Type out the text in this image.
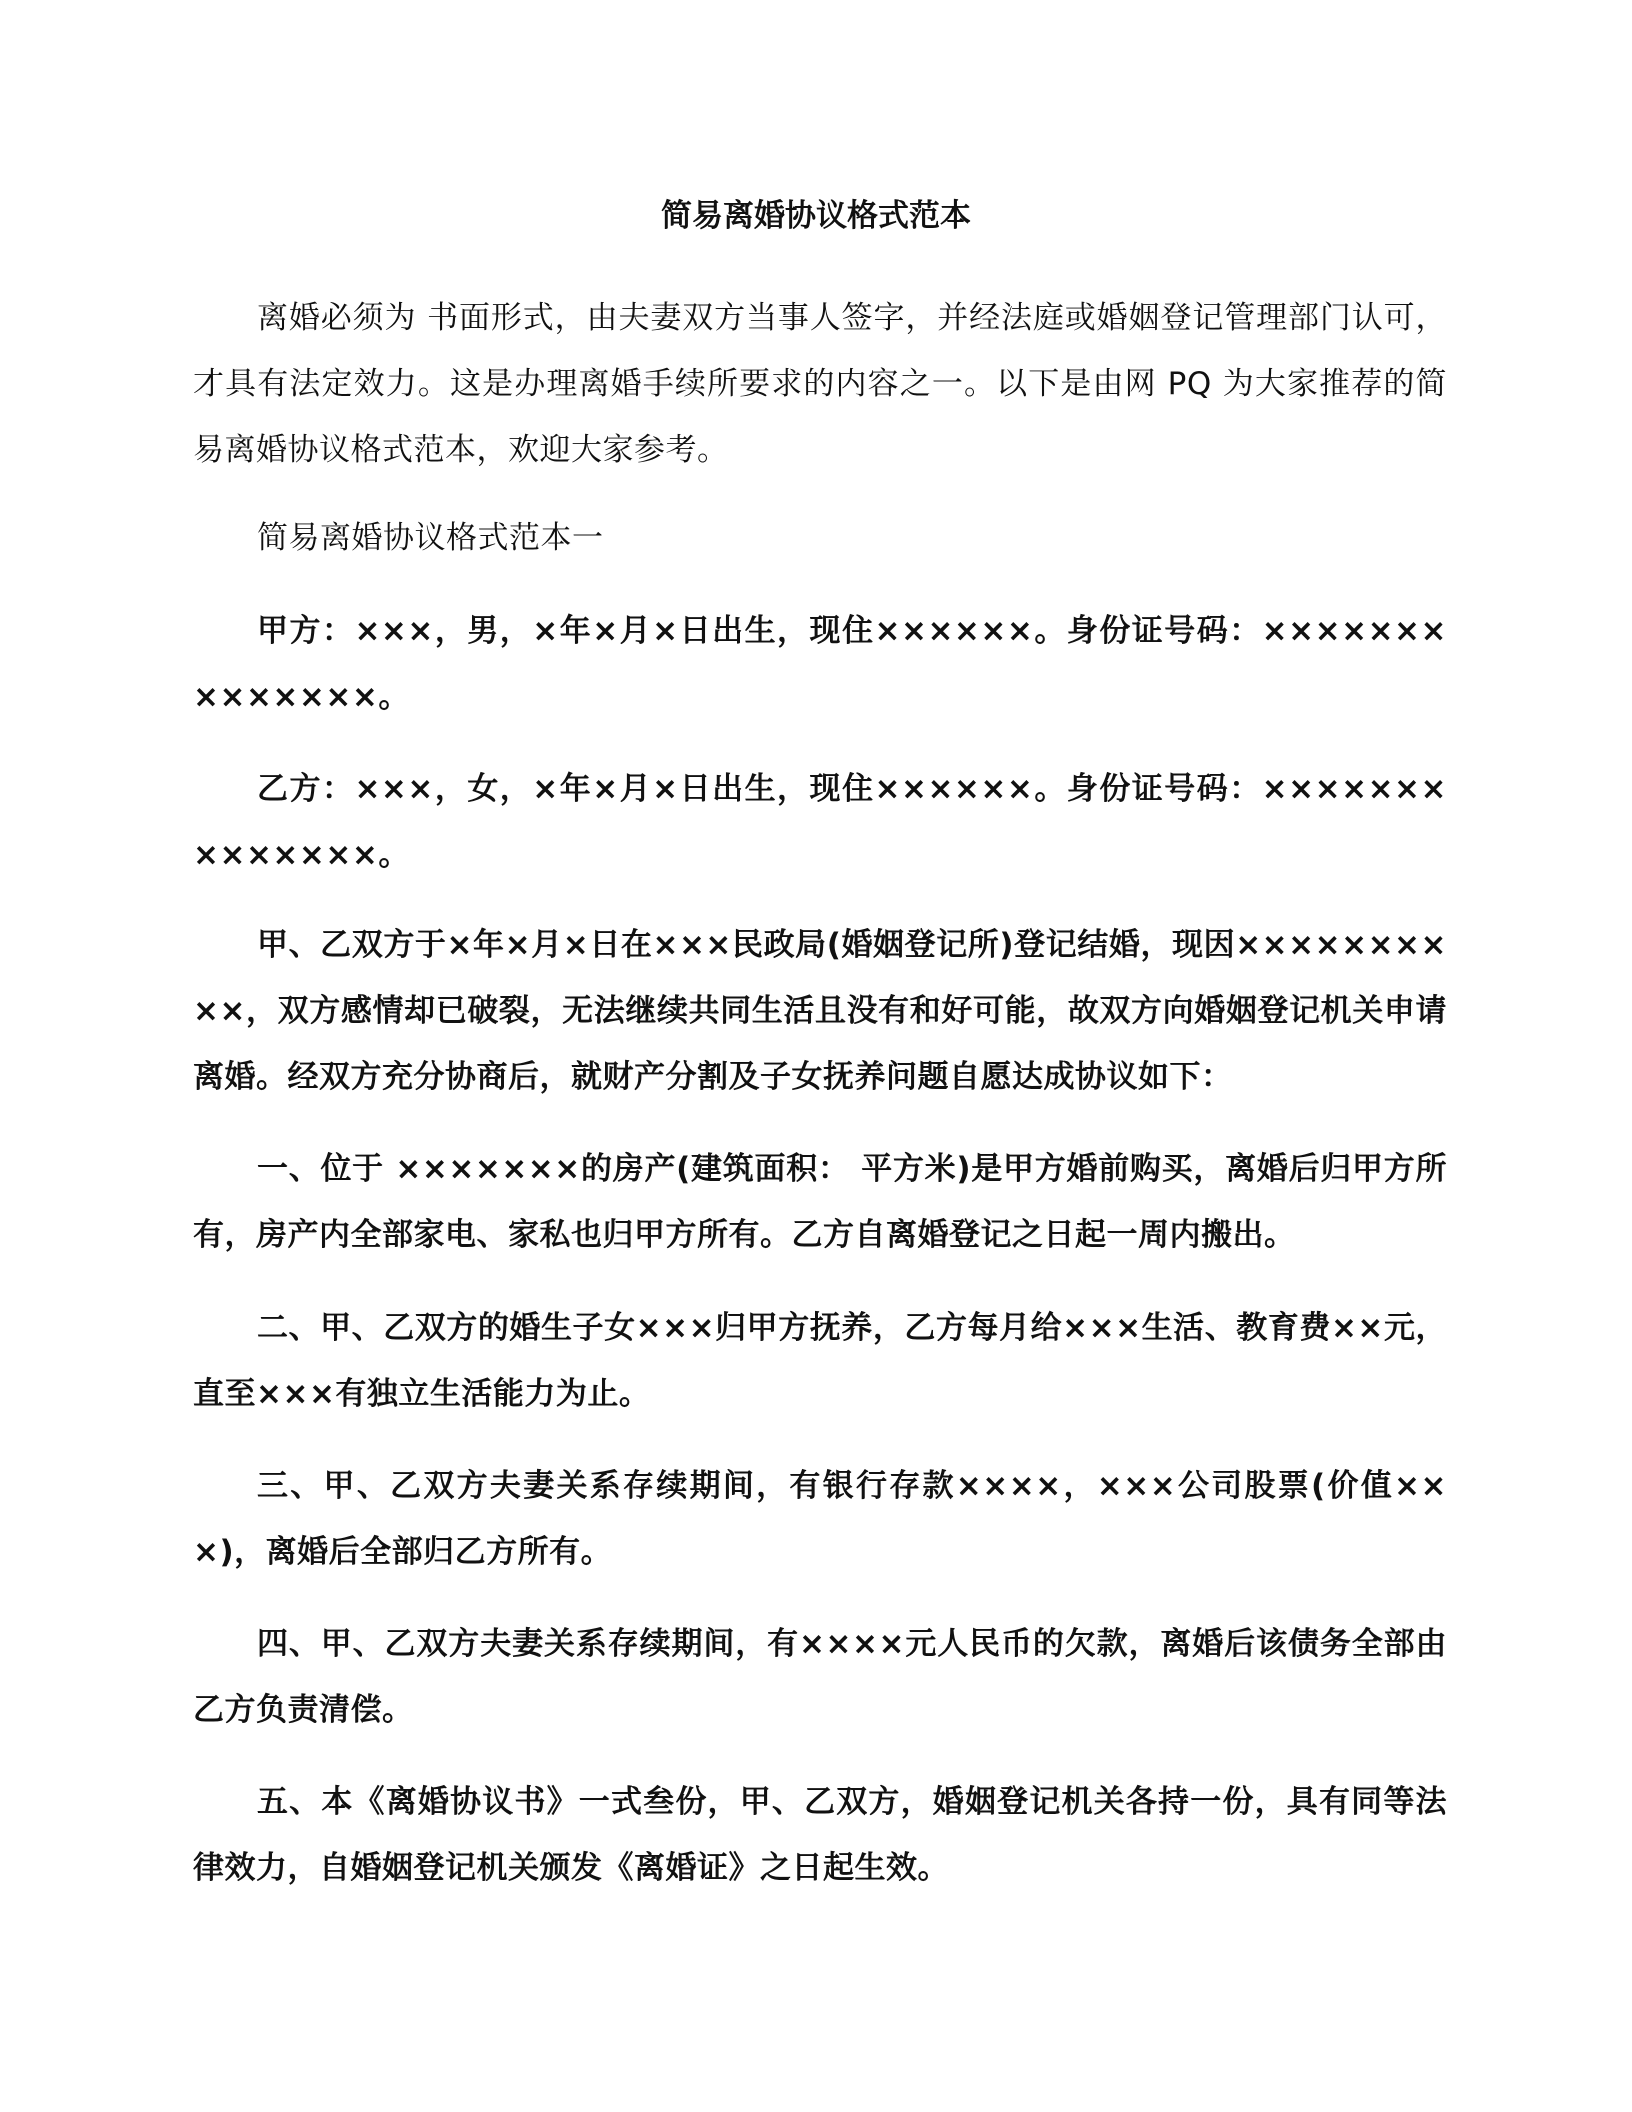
简易离婚协议格式范本

离婚必须为 书面形式，由夫妻双方当事人签字，并经法庭或婚姻登记管理部门认可，才具有法定效力。这是办理离婚手续所要求的内容之一。以下是由网 PQ 为大家推荐的简易离婚协议格式范本，欢迎大家参考。

简易离婚协议格式范本一

甲方：×××，男，×年×月×日出生，现住××××××。身份证号码：××××××××××××××。

乙方：×××，女，×年×月×日出生，现住××××××。身份证号码：××××××××××××××。

甲、乙双方于×年×月×日在×××民政局(婚姻登记所)登记结婚，现因××××××××××，双方感情却已破裂，无法继续共同生活且没有和好可能，故双方向婚姻登记机关申请离婚。经双方充分协商后，就财产分割及子女抚养问题自愿达成协议如下：

一、位于 ×××××××的房产(建筑面积： 平方米)是甲方婚前购买，离婚后归甲方所有，房产内全部家电、家私也归甲方所有。乙方自离婚登记之日起一周内搬出。

二、甲、乙双方的婚生子女×××归甲方抚养，乙方每月给×××生活、教育费××元，直至×××有独立生活能力为止。

三、甲、乙双方夫妻关系存续期间，有银行存款××××，×××公司股票(价值×××)，离婚后全部归乙方所有。

四、甲、乙双方夫妻关系存续期间，有××××元人民币的欠款，离婚后该债务全部由乙方负责清偿。

五、本《离婚协议书》一式叁份，甲、乙双方，婚姻登记机关各持一份，具有同等法律效力，自婚姻登记机关颁发《离婚证》之日起生效。
